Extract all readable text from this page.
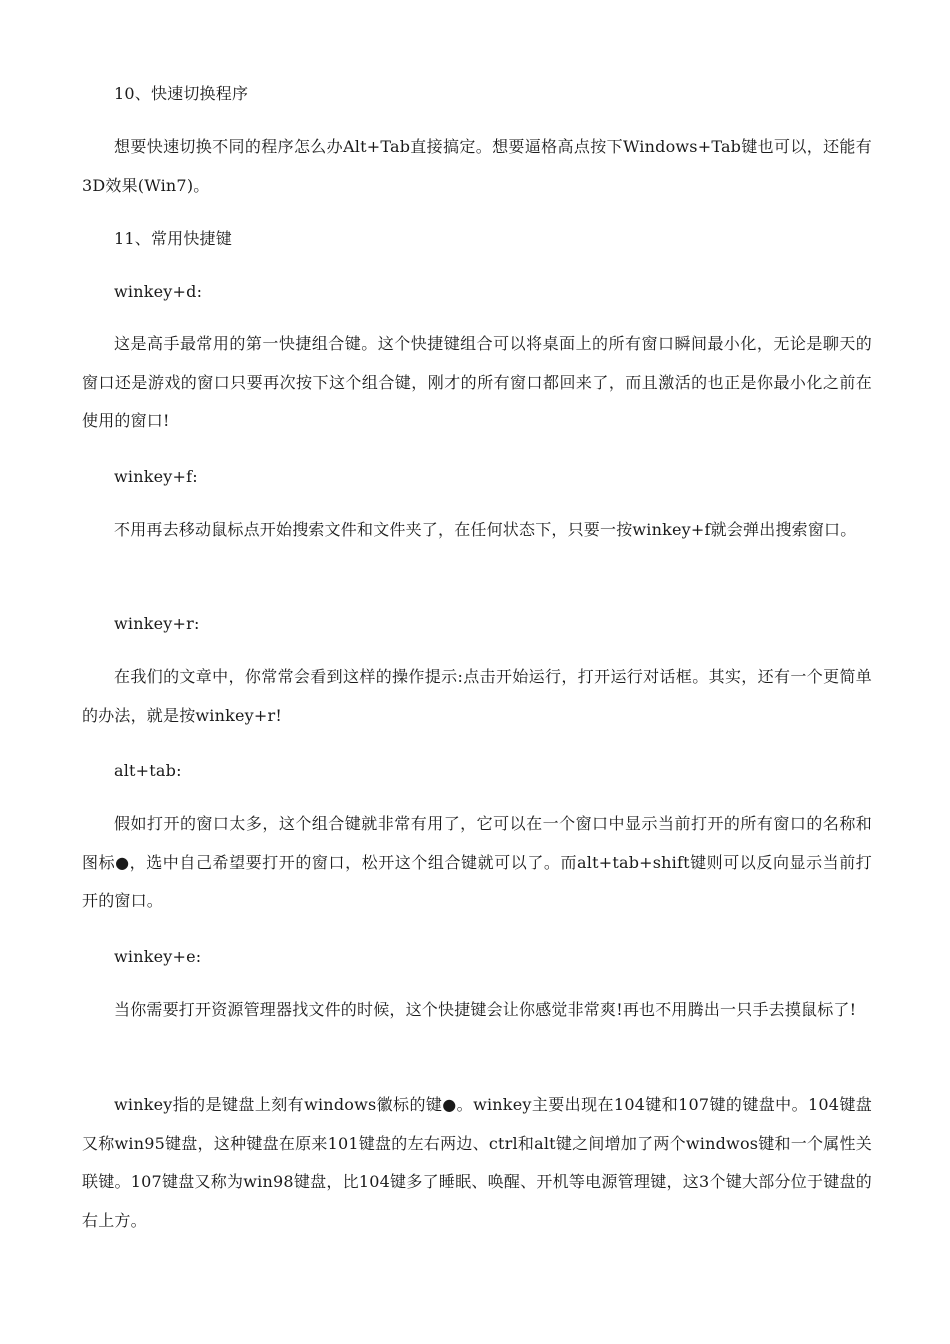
10、快速切换程序

想要快速切换不同的程序怎么办Alt+Tab直接搞定。想要逼格高点按下Windows+Tab键也可以，还能有3D效果(Win7)。

11、常用快捷键

winkey+d:

这是高手最常用的第一快捷组合键。这个快捷键组合可以将桌面上的所有窗口瞬间最小化，无论是聊天的窗口还是游戏的窗口只要再次按下这个组合键，刚才的所有窗口都回来了，而且激活的也正是你最小化之前在使用的窗口!

winkey+f:

不用再去移动鼠标点开始搜索文件和文件夹了，在任何状态下，只要一按winkey+f就会弹出搜索窗口。

winkey+r:

在我们的文章中，你常常会看到这样的操作提示:点击开始运行，打开运行对话框。其实，还有一个更简单的办法，就是按winkey+r!

alt+tab:

假如打开的窗口太多，这个组合键就非常有用了，它可以在一个窗口中显示当前打开的所有窗口的名称和图标●，选中自己希望要打开的窗口，松开这个组合键就可以了。而alt+tab+shift键则可以反向显示当前打开的窗口。

winkey+e:

当你需要打开资源管理器找文件的时候，这个快捷键会让你感觉非常爽!再也不用腾出一只手去摸鼠标了!

winkey指的是键盘上刻有windows徽标的键●。winkey主要出现在104键和107键的键盘中。104键盘又称win95键盘，这种键盘在原来101键盘的左右两边、ctrl和alt键之间增加了两个windwos键和一个属性关联键。107键盘又称为win98键盘，比104键多了睡眠、唤醒、开机等电源管理键，这3个键大部分位于键盘的右上方。
